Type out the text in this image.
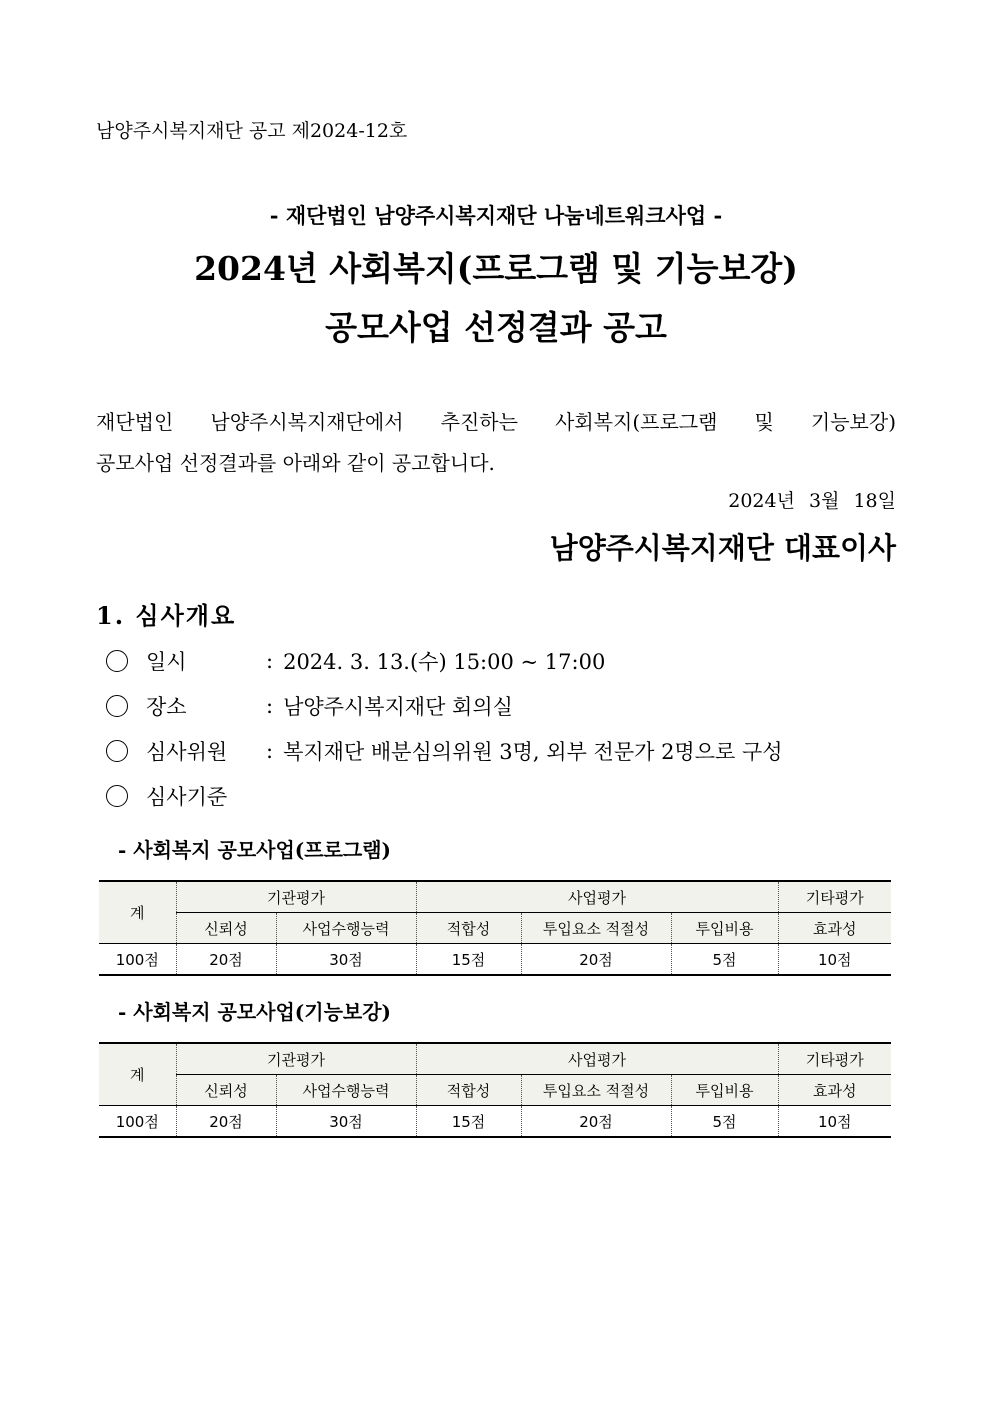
남양주시복지재단 공고 제2024-12호
- 재단법인 남양주시복지재단 나눔네트워크사업 -
2024년 사회복지(프로그램 및 기능보강)
공모사업 선정결과 공고
재단법인 남양주시복지재단에서 추진하는 사회복지(프로그램 및 기능보강)
공모사업 선정결과를 아래와 같이 공고합니다.
2024년 3월 18일
남양주시복지재단 대표이사
1. 심사개요
일시	: 2024. 3. 13.(수) 15:00 ~ 17:00
장소	: 남양주시복지재단 회의실
심사위원	: 복지재단 배분심의위원 3명, 외부 전문가 2명으로 구성
심사기준
- 사회복지 공모사업(프로그램)
계	기관평가		사업평가			기타평가
	신뢰성	사업수행능력	적합성	투입요소 적절성	투입비용	효과성
100점	20점	30점	15점	20점	5점	10점
- 사회복지 공모사업(기능보강)
계	기관평가		사업평가			기타평가
	신뢰성	사업수행능력	적합성	투입요소 적절성	투입비용	효과성
100점	20점	30점	15점	20점	5점	10점
